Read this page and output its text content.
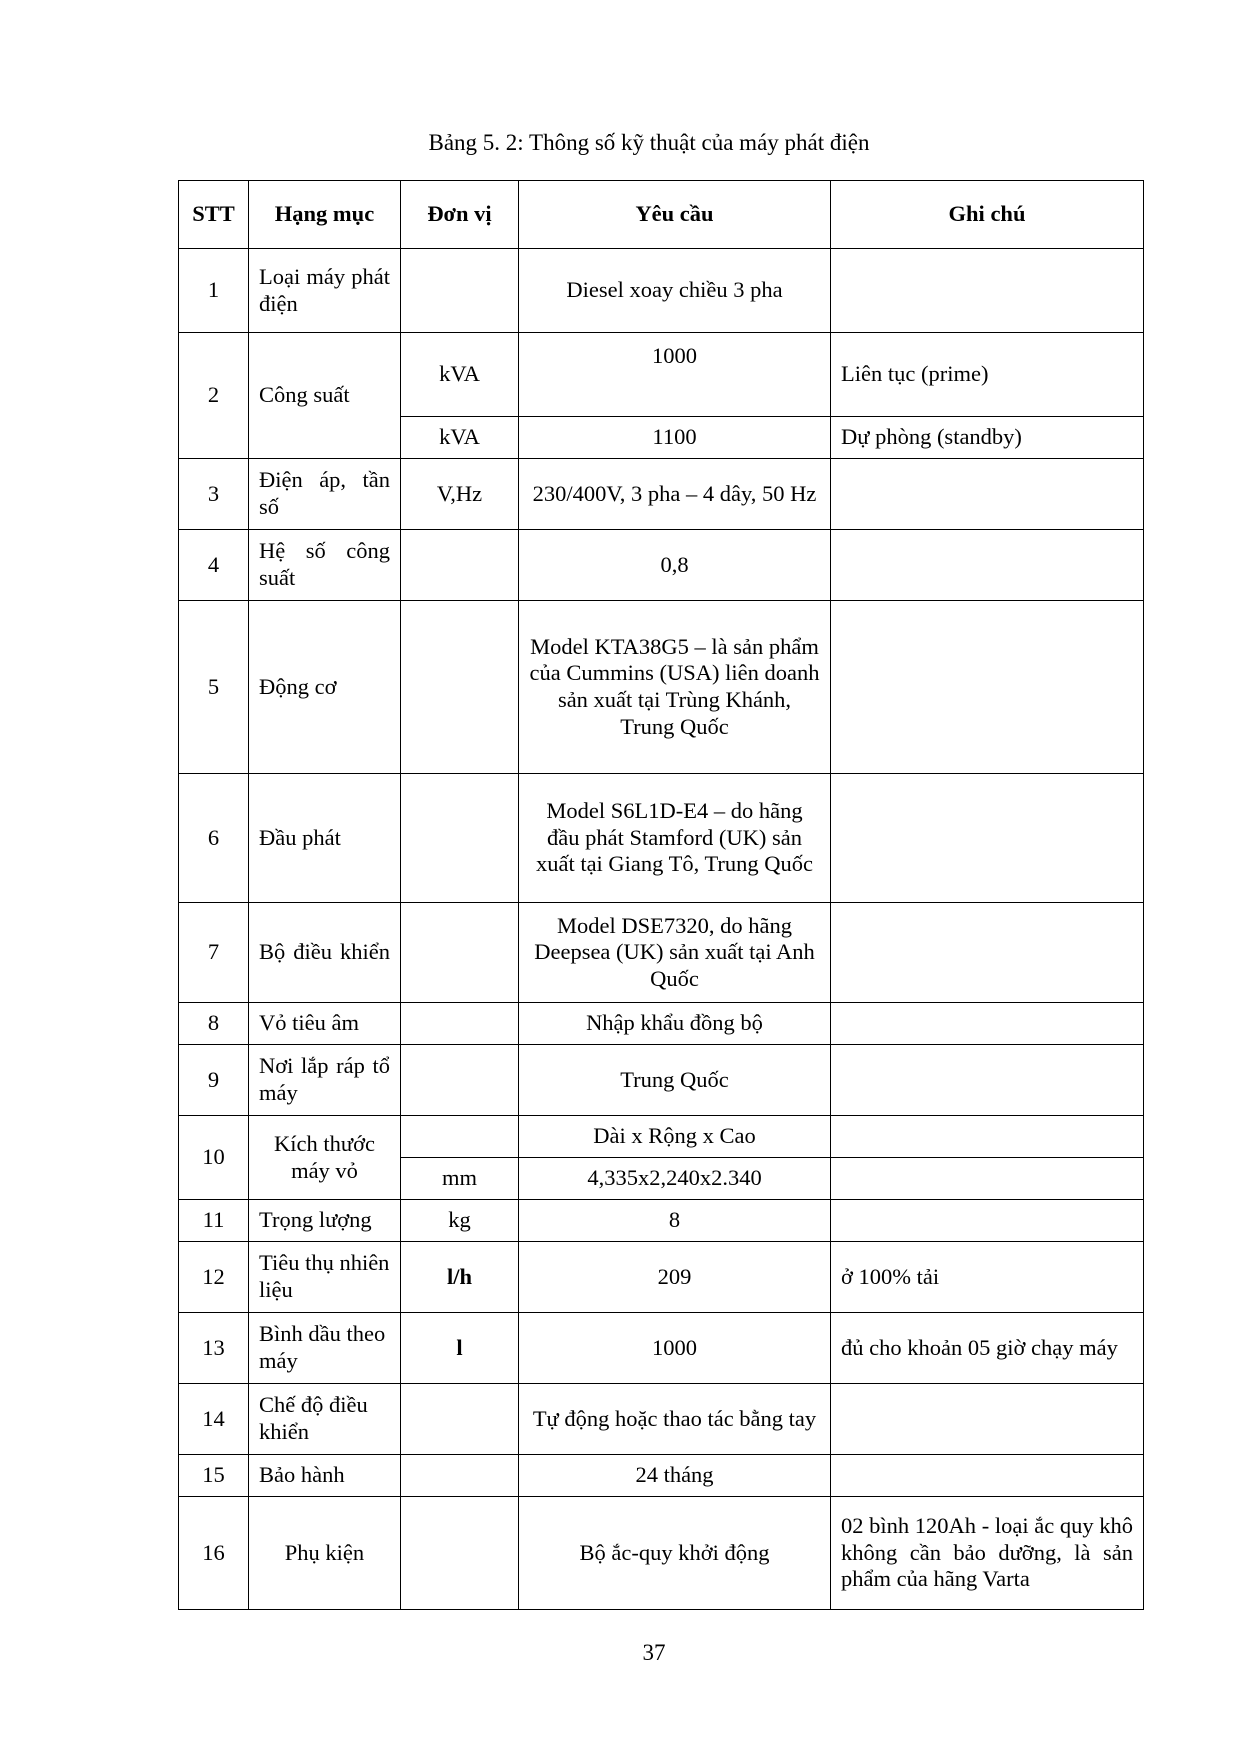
Bảng 5. 2: Thông số kỹ thuật của máy phát điện
STT	Hạng mục	Đơn vị	Yêu cầu	Ghi chú
1	Loại máy phát điện		Diesel xoay chiều 3 pha	
2	Công suất	kVA	1000	Liên tục (prime)
		kVA	1100	Dự phòng (standby)
3	Điện áp, tần số	V,Hz	230/400V, 3 pha – 4 dây, 50 Hz	
4	Hệ số công suất		0,8	
5	Động cơ		Model KTA38G5 – là sản phẩm của Cummins (USA) liên doanh sản xuất tại Trùng Khánh, Trung Quốc	
6	Đầu phát		Model S6L1D-E4 – do hãng đầu phát Stamford (UK) sản xuất tại Giang Tô, Trung Quốc	
7	Bộ điều khiển		Model DSE7320, do hãng Deepsea (UK) sản xuất tại Anh Quốc	
8	Vỏ tiêu âm		Nhập khẩu đồng bộ	
9	Nơi lắp ráp tổ máy		Trung Quốc	
10	Kích thước máy vỏ		Dài x Rộng x Cao	
		mm	4,335x2,240x2.340	
11	Trọng lượng	kg	8	
12	Tiêu thụ nhiên liệu	l/h	209	ở 100% tải
13	Bình dầu theo máy	l	1000	đủ cho khoản 05 giờ chạy máy
14	Chế độ điều khiển		Tự động hoặc thao tác bằng tay	
15	Bảo hành		24 tháng	
16	Phụ kiện		Bộ ắc-quy khởi động	02 bình 120Ah - loại ắc quy khô không cần bảo dưỡng, là sản phẩm của hãng Varta
37
